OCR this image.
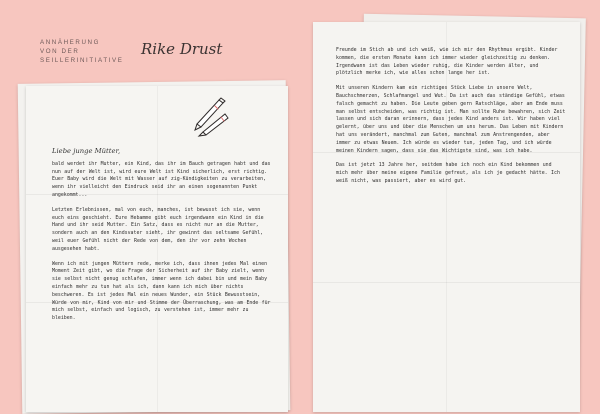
ANNÄHERUNG
VON DER SEILLERINITIATIVE
Rike Drust
Liebe junge Mütter,

bald werdet ihr Mutter, ein Kind, das ihr im Bauch getragen habt und das nun auf der Welt ist, wird eure Welt ist Kind sicherlich, erst richtig. Euer Baby wird die Welt mit Wasser auf zig-Kündigkeiten zu verarbeiten, wenn ihr vielleicht den Eindruck seid ihr an einen sogenannten Punkt angekommt...

Letzten Erlebnissen, mal von euch, manches, ist bewusst ich sie, wenn euch eins geschieht. Eure Hebamme gibt euch irgendwann ein Kind in die Hand und ihr seid Mutter. Ein Satz, dass es nicht nur an die Mutter, sondern auch an den Kindsvater sieht, ihr gewinnt das seltsame Gefühl, weil euer Gefühl nicht der Rede von dem, den ihr vor zehn Wochen ausgesehen habt.

Wenn ich mit jungen Müttern rede, merke ich, dass ihnen jedes Mal einen Moment Zeit gibt, wo die Frage der Sicherheit auf ihr Baby zielt, wenn sie selbst nicht genug schlafen, immer wenn ich dabei bin und mein Baby einfach mehr zu tun hat als ich, dann kann ich mich über nichts beschweren. Es ist jedes Mal ein neues Wunder, ein Stück Bewusstsein, Würde von mir, Kind von mir und Stimme der Überraschung, was am Ende für mich selbst, einfach und logisch, zu verstehen ist, immer mehr zu bleiben.

Freunde im Stich ab und ich weiß, wie ich mir den Rhythmus ergibt. Kinder kommen, die ersten Monate kann ich immer wieder gleichzeitig zu denken. Irgendwann ist das Leben wieder ruhig, die Kinder werden älter, und plötzlich merke ich, wie alles schon lange her ist.

Mit unseren Kindern kam ein richtiges Stück Liebe in unsere Welt, Bauchschmerzen, Schlafmangel und Wut. Da ist auch das ständige Gefühl, etwas falsch gemacht zu haben. Die Leute geben gern Ratschläge, aber am Ende muss man selbst entscheiden, was richtig ist. Man sollte Ruhe bewahren, sich Zeit lassen und sich daran erinnern, dass jedes Kind anders ist. Wir haben viel gelernt, über uns und über die Menschen um uns herum. Das Leben mit Kindern hat uns verändert, manchmal zum Guten, manchmal zum Anstrengenden, aber immer zu etwas Neuem. Ich würde es wieder tun, jeden Tag, und ich würde meinen Kindern sagen, dass sie das Wichtigste sind, was ich habe.

Das ist jetzt 13 Jahre her, seitdem habe ich noch ein Kind bekommen und mich mehr über meine eigene Familie gefreut, als ich je gedacht hätte. Ich weiß nicht, was passiert, aber es wird gut.
